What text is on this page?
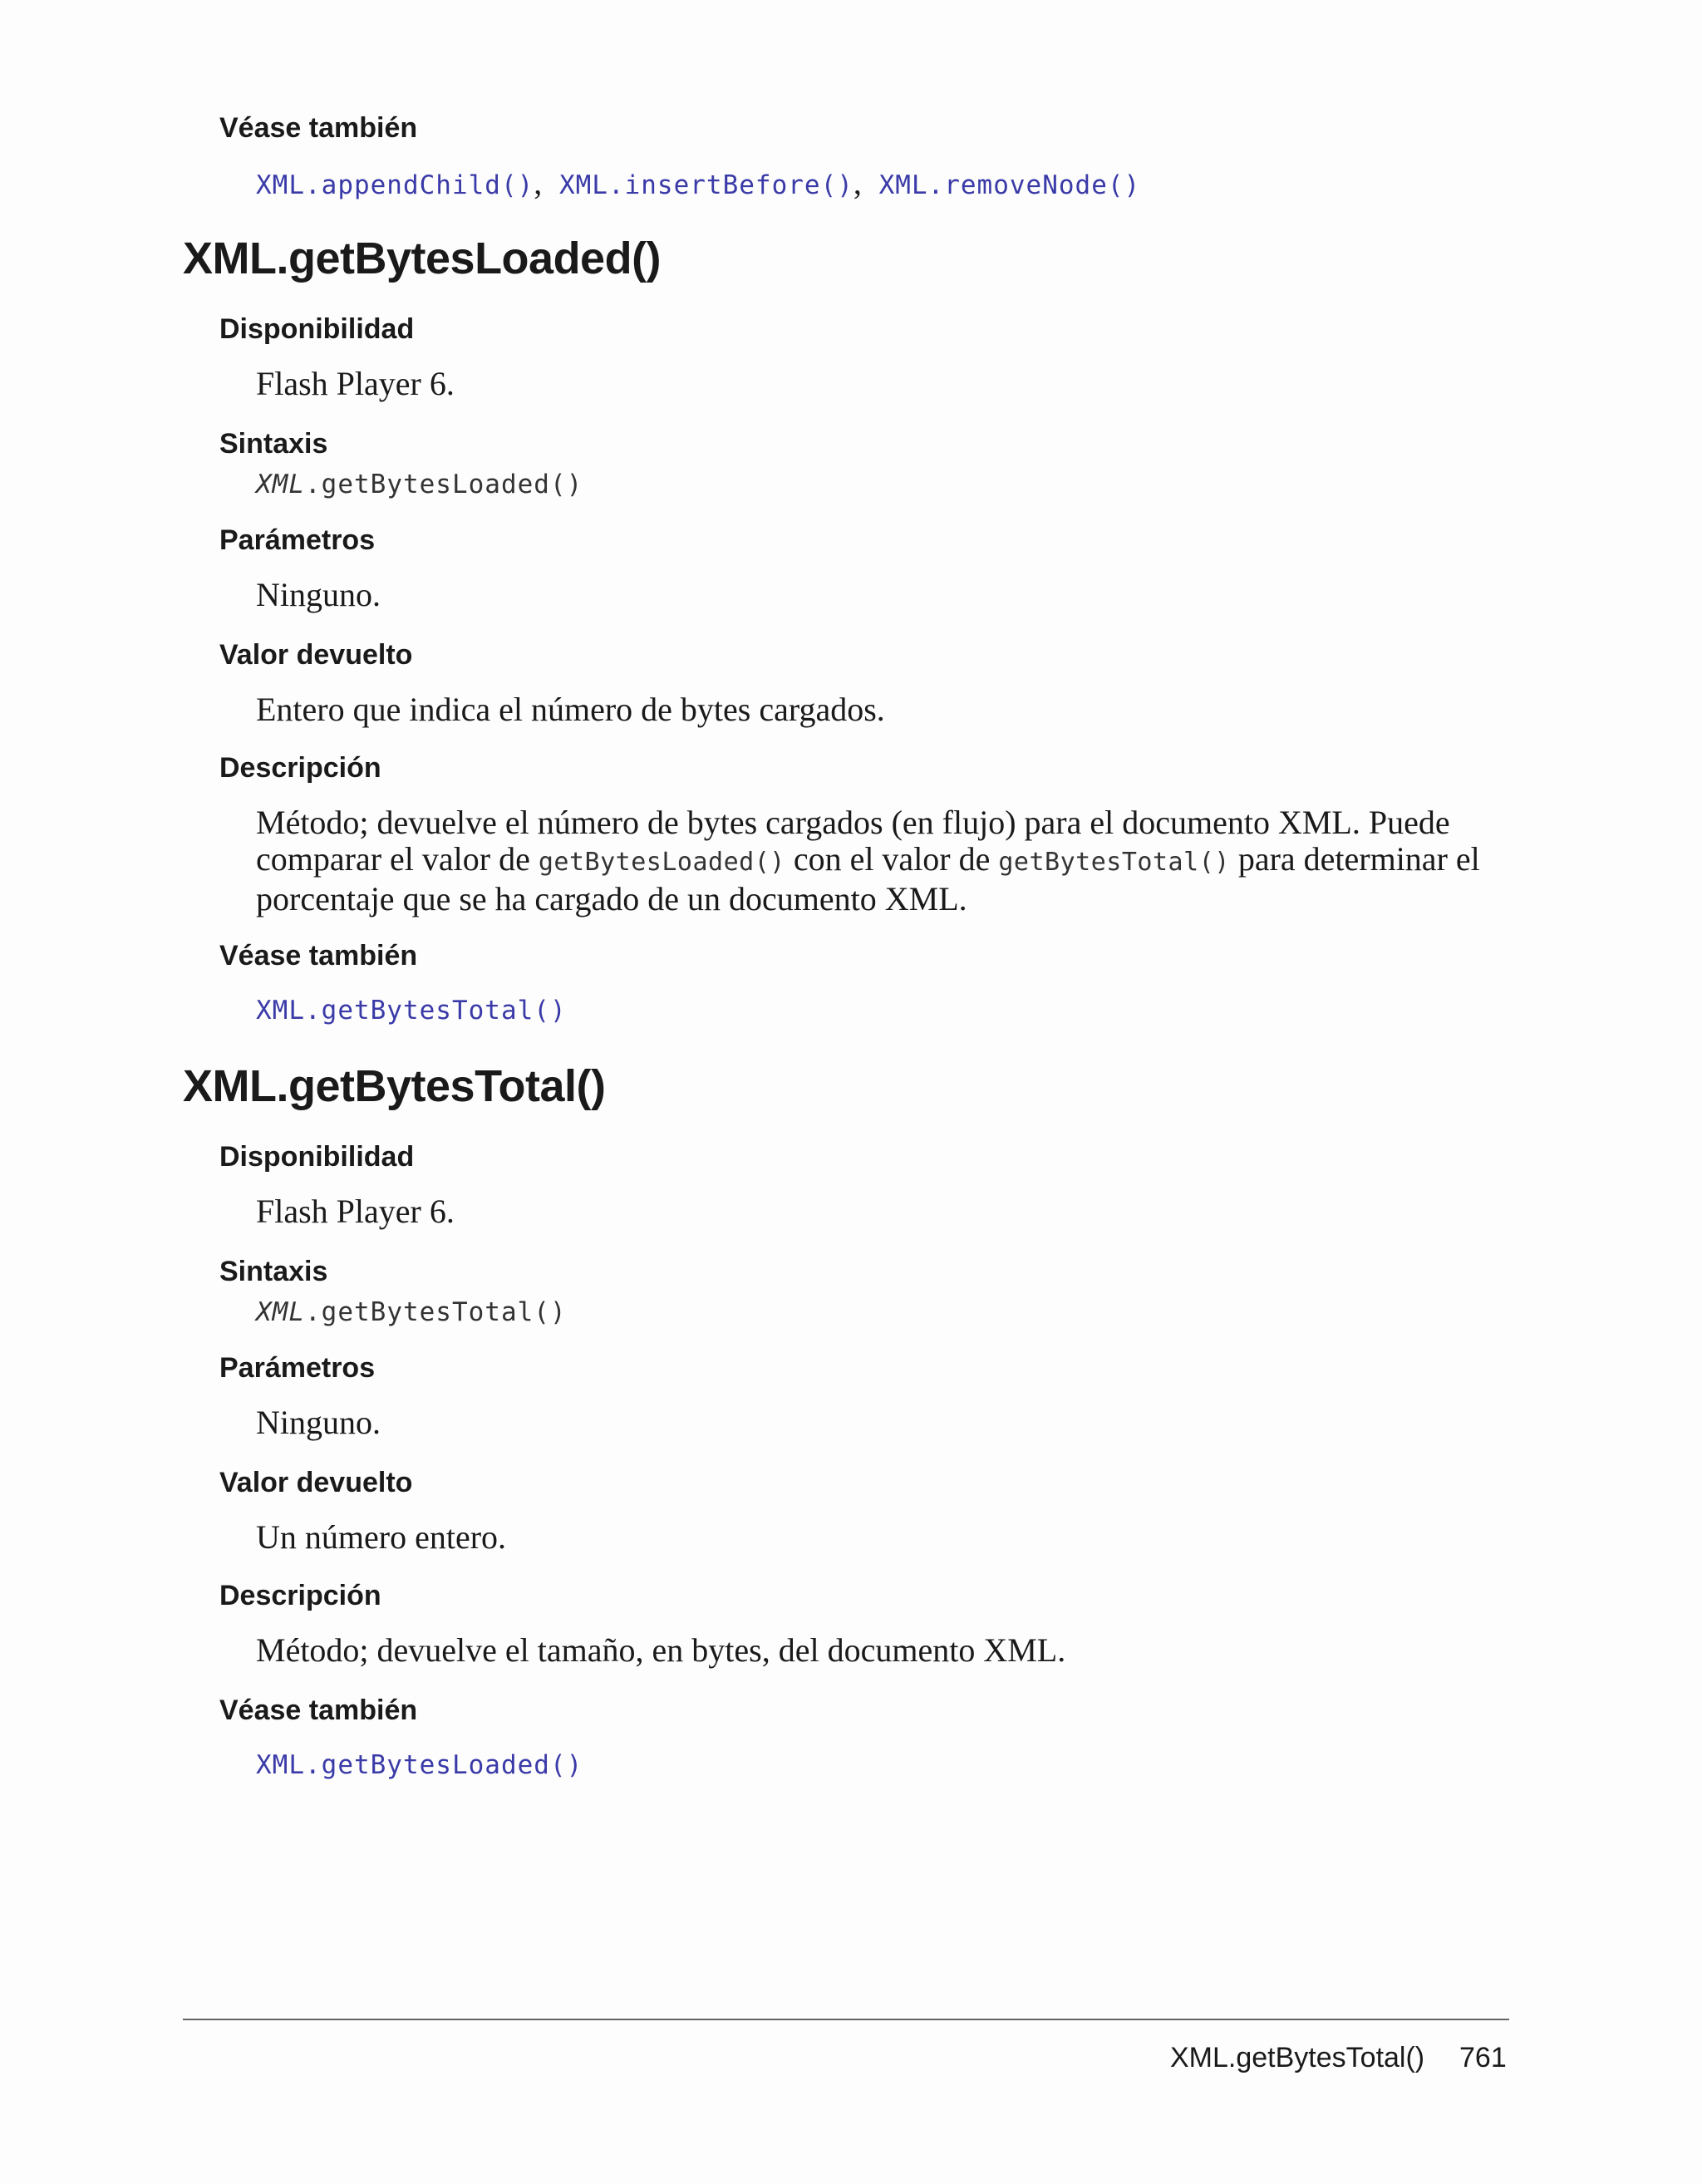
Véase también

XML.appendChild(), XML.insertBefore(), XML.removeNode()

XML.getBytesLoaded()
Disponibilidad

Flash Player 6.

Sintaxis

XML.getBytesLoaded()

Parámetros

Ninguno.

Valor devuelto

Entero que indica el número de bytes cargados.

Descripción

Método; devuelve el número de bytes cargados (en flujo) para el documento XML. Puede comparar el valor de getBytesLoaded() con el valor de getBytesTotal() para determinar el porcentaje que se ha cargado de un documento XML.

Véase también

XML.getBytesTotal()

XML.getBytesTotal()
Disponibilidad

Flash Player 6.

Sintaxis

XML.getBytesTotal()

Parámetros

Ninguno.

Valor devuelto

Un número entero.

Descripción

Método; devuelve el tamaño, en bytes, del documento XML.

Véase también

XML.getBytesLoaded()

XML.getBytesTotal() 761
